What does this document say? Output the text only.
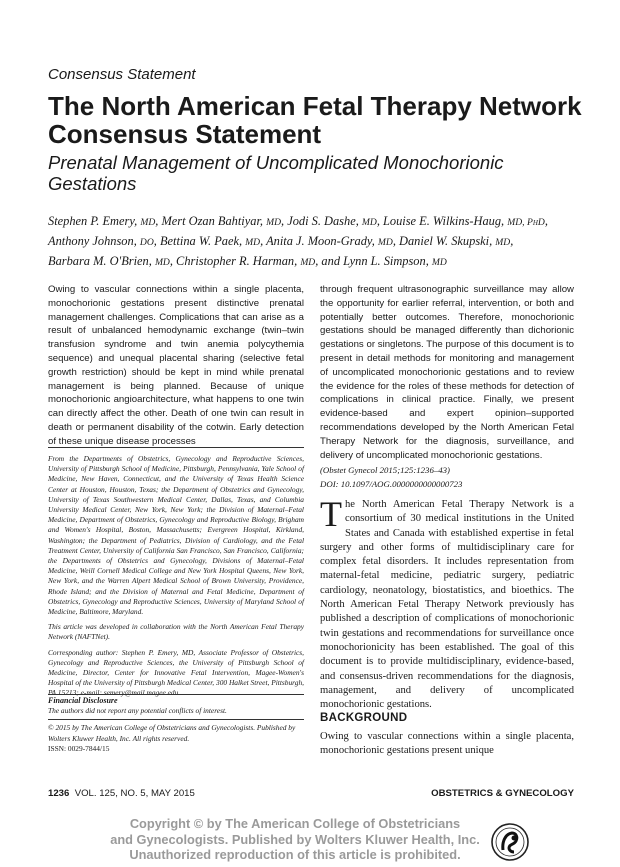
Consensus Statement
The North American Fetal Therapy Network Consensus Statement
Prenatal Management of Uncomplicated Monochorionic Gestations
Stephen P. Emery, MD, Mert Ozan Bahtiyar, MD, Jodi S. Dashe, MD, Louise E. Wilkins-Haug, MD, PhD,
Anthony Johnson, DO, Bettina W. Paek, MD, Anita J. Moon-Grady, MD, Daniel W. Skupski, MD,
Barbara M. O'Brien, MD, Christopher R. Harman, MD, and Lynn L. Simpson, MD
Owing to vascular connections within a single placenta, monochorionic gestations present distinctive prenatal management challenges. Complications that can arise as a result of unbalanced hemodynamic exchange (twin–twin transfusion syndrome and twin anemia polycythemia sequence) and unequal placental sharing (selective fetal growth restriction) should be kept in mind while prenatal management is being planned. Because of unique monochorionic angioarchitecture, what happens to one twin can directly affect the other. Death of one twin can result in death or permanent disability of the cotwin. Early detection of these unique disease processes
through frequent ultrasonographic surveillance may allow the opportunity for earlier referral, intervention, or both and potentially better outcomes. Therefore, monochorionic gestations should be managed differently than dichorionic gestations or singletons. The purpose of this document is to present in detail methods for monitoring and management of uncomplicated monochorionic gestations and to review the evidence for the roles of these methods for detection of complications in clinical practice. Finally, we present evidence-based and expert opinion–supported recommendations developed by the North American Fetal Therapy Network for the diagnosis, surveillance, and delivery of uncomplicated monochorionic gestations.
(Obstet Gynecol 2015;125:1236–43)
DOI: 10.1097/AOG.0000000000000723

From the Departments of Obstetrics, Gynecology and Reproductive Sciences, University of Pittsburgh School of Medicine, Pittsburgh, Pennsylvania, Yale School of Medicine, New Haven, Connecticut, and the University of Texas Health Science Center at Houston, Houston, Texas; the Department of Obstetrics and Gynecology, University of Texas Southwestern Medical Center, Dallas, Texas, and Columbia University Medical Center, New York, New York; the Division of Maternal–Fetal Medicine, Department of Obstetrics, Gynecology and Reproductive Biology, Brigham and Women's Hospital, Boston, Massachusetts; Evergreen Hospital, Kirkland, Washington; the Department of Pediatrics, Division of Cardiology, and the Fetal Treatment Center, University of California San Francisco, San Francisco, California; the Departments of Obstetrics and Gynecology, Divisions of Maternal–Fetal Medicine, Weill Cornell Medical College and New York Hospital Queens, New York, New York, and the Warren Alpert Medical School of Brown University, Providence, Rhode Island; and the Division of Maternal and Fetal Medicine, Department of Obstetrics, Gynecology and Reproductive Sciences, University of Maryland School of Medicine, Baltimore, Maryland.

This article was developed in collaboration with the North American Fetal Therapy Network (NAFTNet).

Corresponding author: Stephen P. Emery, MD, Associate Professor of Obstetrics, Gynecology and Reproductive Sciences, the University of Pittsburgh School of Medicine, Director, Center for Innovative Fetal Intervention, Magee-Women's Hospital of the University of Pittsburgh Medical Center, 300 Halket Street, Pittsburgh, PA 15213; e-mail: semery@mail.magee.edu.

Financial Disclosure

The authors did not report any potential conflicts of interest.

© 2015 by The American College of Obstetricians and Gynecologists. Published by Wolters Kluwer Health, Inc. All rights reserved.

ISSN: 0029-7844/15

The North American Fetal Therapy Network is a consortium of 30 medical institutions in the United States and Canada with established expertise in fetal surgery and other forms of multidisciplinary care for complex fetal disorders. It includes representation from maternal-fetal medicine, pediatric surgery, pediatric cardiology, neonatology, biostatistics, and bioethics. The North American Fetal Therapy Network previously has published a description of complications of monochorionic twin gestations and recommendations for surveillance once monochorionicity has been established. The goal of this document is to provide multidisciplinary, evidence-based, and consensus-driven recommendations for the diagnosis, management, and delivery of uncomplicated monochorionic gestations.

BACKGROUND
Owing to vascular connections within a single placenta, monochorionic gestations present unique
1236 VOL. 125, NO. 5, MAY 2015	OBSTETRICS & GYNECOLOGY
Copyright © by The American College of Obstetricians
and Gynecologists. Published by Wolters Kluwer Health, Inc.
Unauthorized reproduction of this article is prohibited.
